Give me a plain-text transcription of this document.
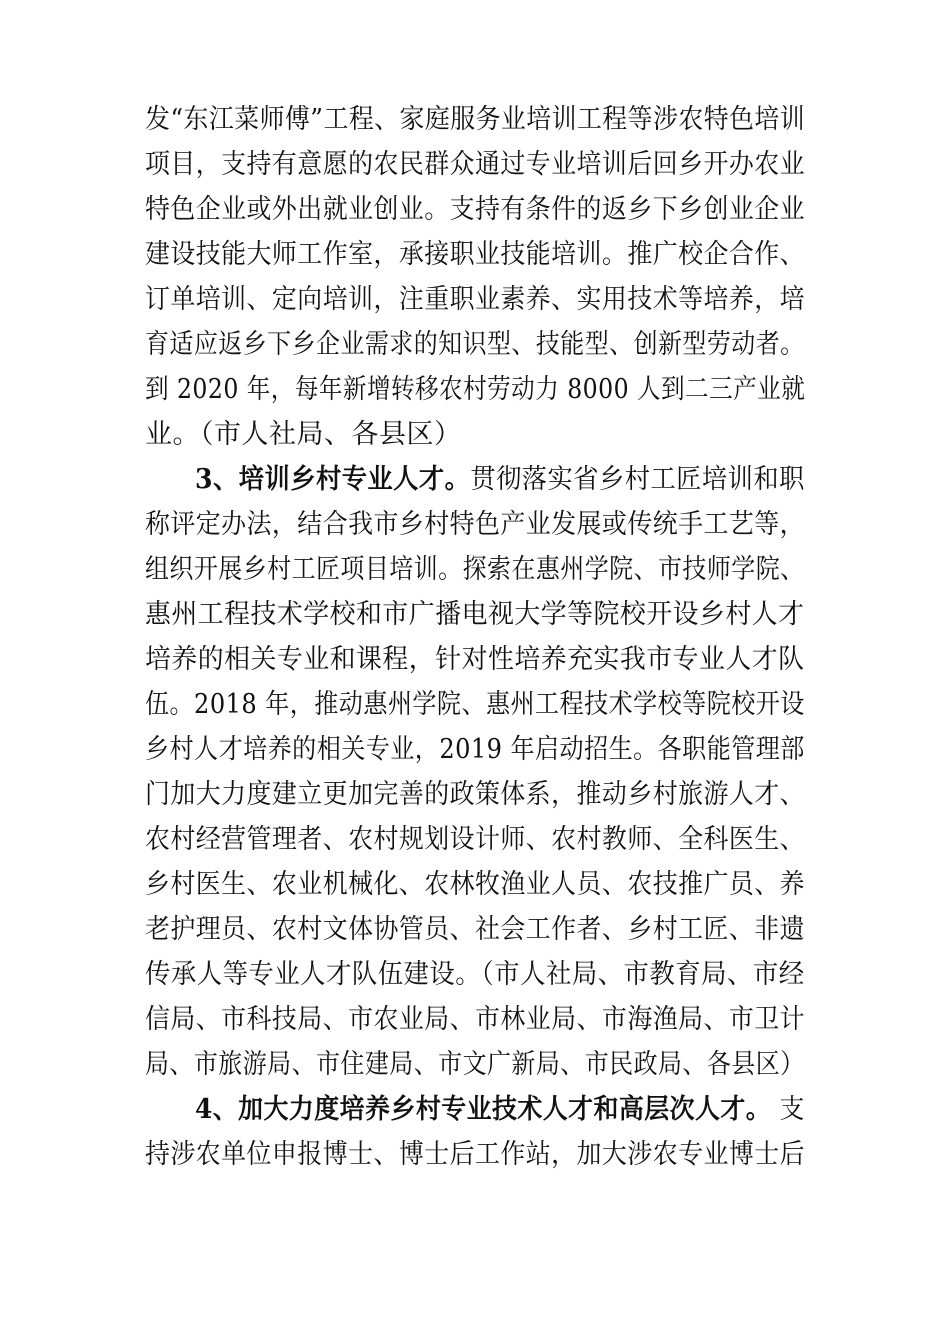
发“东江菜师傅”工程、家庭服务业培训工程等涉农特色培训
项目，支持有意愿的农民群众通过专业培训后回乡开办农业
特色企业或外出就业创业。支持有条件的返乡下乡创业企业
建设技能大师工作室，承接职业技能培训。推广校企合作、
订单培训、定向培训，注重职业素养、实用技术等培养，培
育适应返乡下乡企业需求的知识型、技能型、创新型劳动者。
到 2020 年，每年新增转移农村劳动力 8000 人到二三产业就
业。（市人社局、各县区）
3、培训乡村专业人才。贯彻落实省乡村工匠培训和职
称评定办法，结合我市乡村特色产业发展或传统手工艺等，
组织开展乡村工匠项目培训。探索在惠州学院、市技师学院、
惠州工程技术学校和市广播电视大学等院校开设乡村人才
培养的相关专业和课程，针对性培养充实我市专业人才队
伍。2018 年，推动惠州学院、惠州工程技术学校等院校开设
乡村人才培养的相关专业，2019 年启动招生。各职能管理部
门加大力度建立更加完善的政策体系，推动乡村旅游人才、
农村经营管理者、农村规划设计师、农村教师、全科医生、
乡村医生、农业机械化、农林牧渔业人员、农技推广员、养
老护理员、农村文体协管员、社会工作者、乡村工匠、非遗
传承人等专业人才队伍建设。（市人社局、市教育局、市经
信局、市科技局、市农业局、市林业局、市海渔局、市卫计
局、市旅游局、市住建局、市文广新局、市民政局、各县区）
4、加大力度培养乡村专业技术人才和高层次人才。 支
持涉农单位申报博士、博士后工作站，加大涉农专业博士后
